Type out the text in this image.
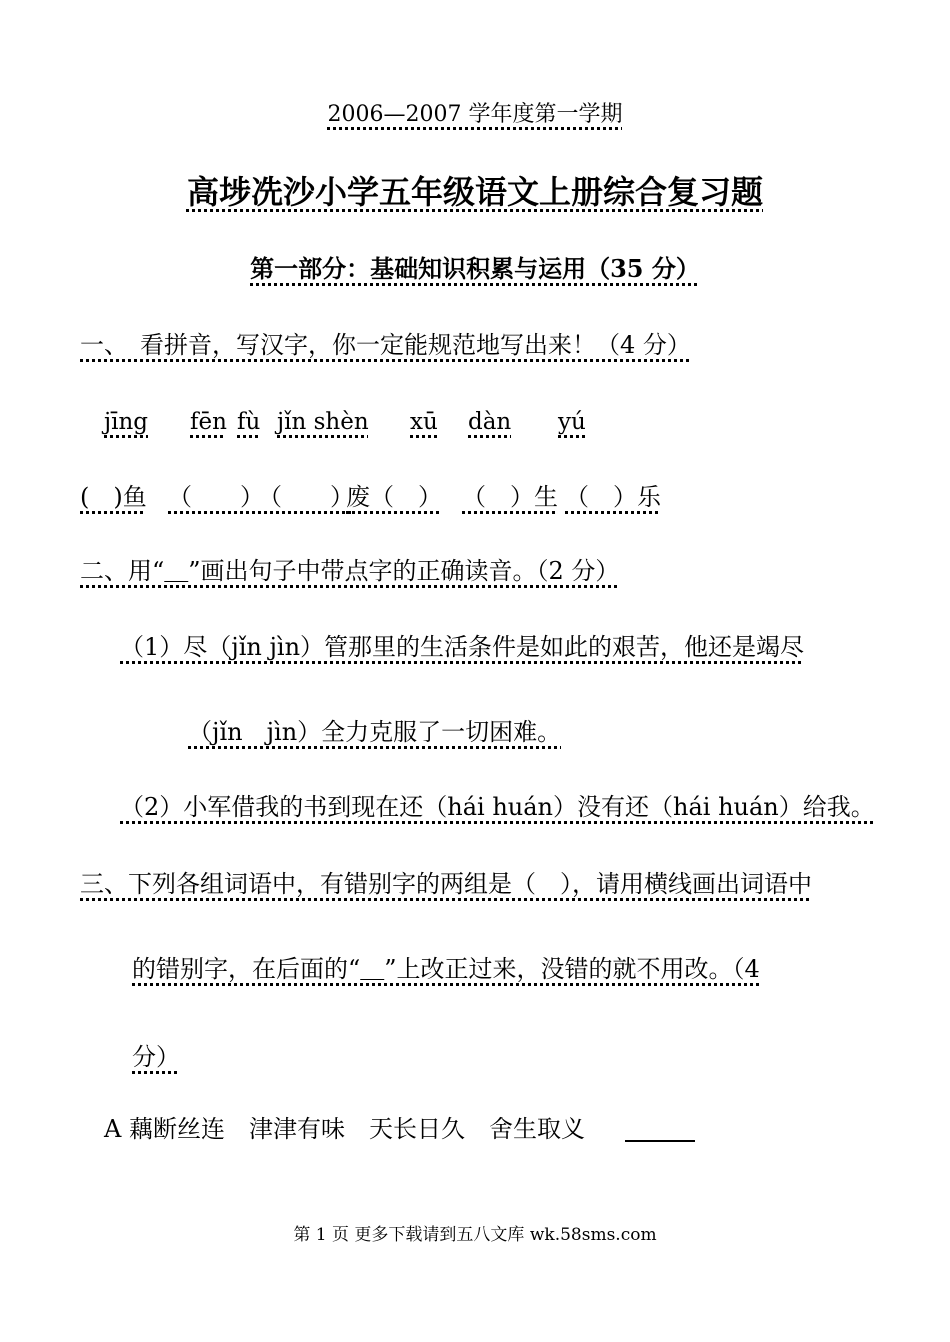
2006—2007 学年度第一学期
高埗冼沙小学五年级语文上册综合复习题
第一部分：基础知识积累与运用（35 分）
一、　看拼音，写汉字，你一定能规范地写出来！（4 分）
jīng fēn fù jǐn shèn xū dàn yú
(　)鱼 （　　）
（　　）
废（　） （　）生 （　）乐
二、用“＿”画出句子中带点字的正确读音。（2 分）
（1）尽（jǐn jìn）管那里的生活条件是如此的艰苦，他还是竭尽
（jǐn　jìn）全力克服了一切困难。
（2）小军借我的书到现在还（hái huán）没有还（hái huán）给我。
三、下列各组词语中，有错别字的两组是（　），请用横线画出词语中
的错别字，在后面的“＿”上改正过来，没错的就不用改。（4
分）
A 藕断丝连　津津有味　天长日久　舍生取义
第 1 页 更多下载请到五八文库 wk.58sms.com
